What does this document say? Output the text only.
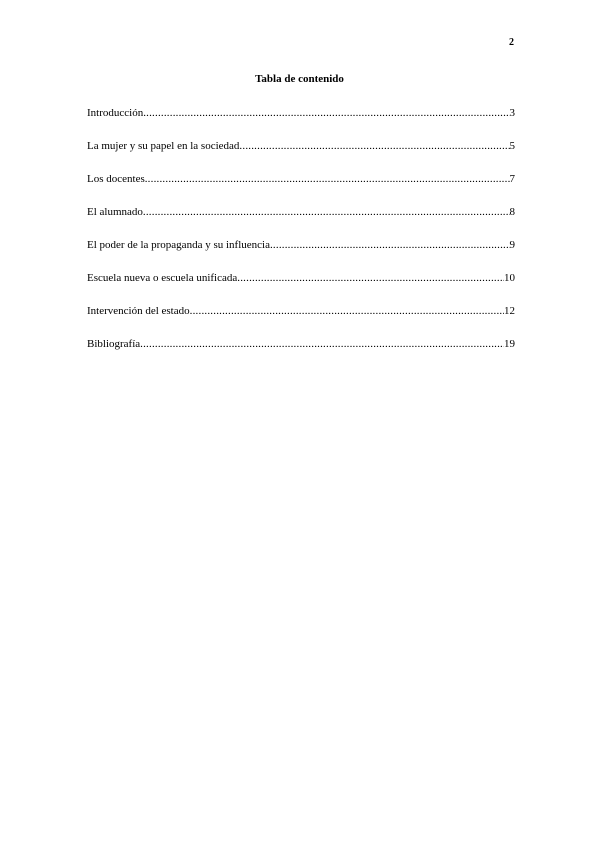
2
Tabla de contenido
Introducción .....	3
La mujer y su papel en la sociedad .....	5
Los docentes .....	7
El alumnado .....	8
El poder de la propaganda y su influencia .....	9
Escuela nueva o escuela unificada .....	10
Intervención del estado .....	12
Bibliografía .....	19
